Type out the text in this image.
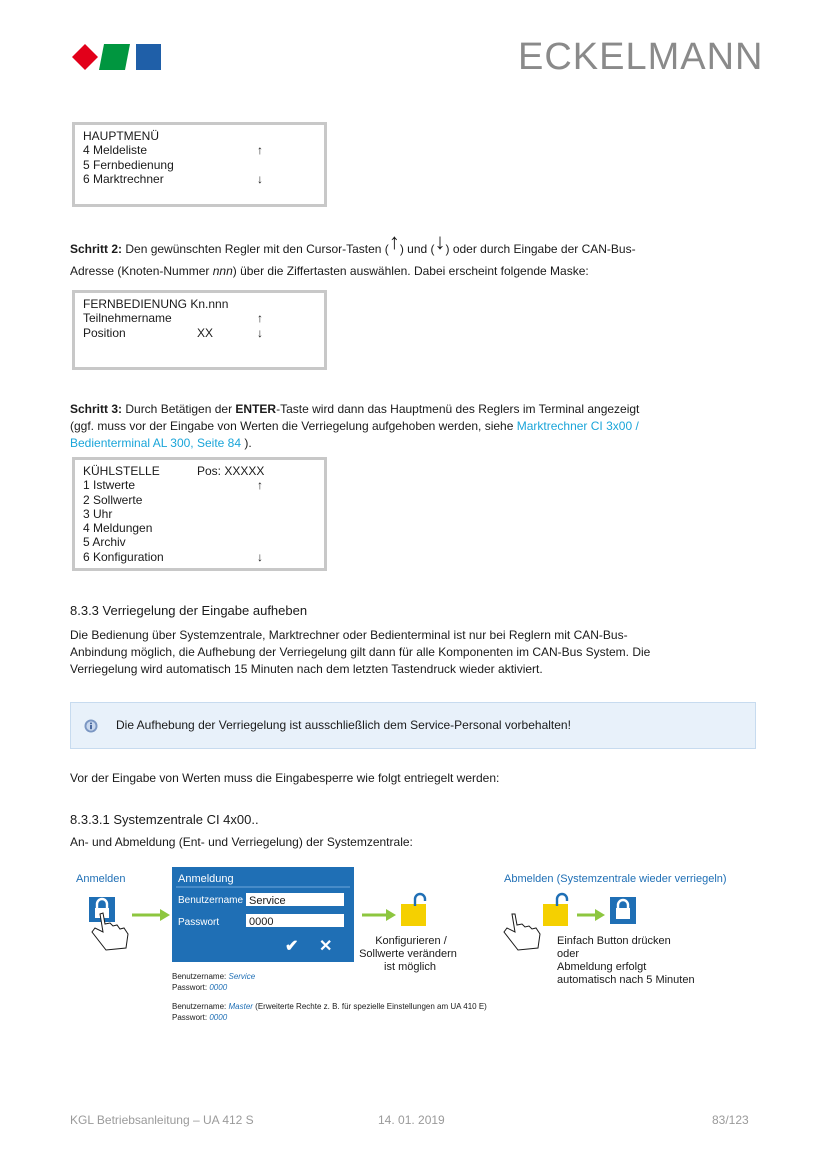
ECKELMANN
HAUPTMENÜ
4 Meldeliste	↑
5 Fernbedienung
6 Marktrechner	↓

Schritt 2: Den gewünschten Regler mit den Cursor-Tasten (↑) und (↓) oder durch Eingabe der CAN-Bus-

Adresse (Knoten-Nummer nnn) über die Ziffertasten auswählen. Dabei erscheint folgende Maske:

FERNBEDIENUNG Kn.nnn
Teilnehmername	↑
Position	XX	↓

Schritt 3: Durch Betätigen der ENTER-Taste wird dann das Hauptmenü des Reglers im Terminal angezeigt
(ggf. muss vor der Eingabe von Werten die Verriegelung aufgehoben werden, siehe Marktrechner CI 3x00 /
Bedienterminal AL 300, Seite 84 ).

KÜHLSTELLE	Pos: XXXXX
1 Istwerte	↑
2 Sollwerte
3 Uhr
4 Meldungen
5 Archiv
6 Konfiguration	↓
8.3.3 Verriegelung der Eingabe aufheben

Die Bedienung über Systemzentrale, Marktrechner oder Bedienterminal ist nur bei Reglern mit CAN-Bus-
Anbindung möglich, die Aufhebung der Verriegelung gilt dann für alle Komponenten im CAN-Bus System. Die
Verriegelung wird automatisch 15 Minuten nach dem letzten Tastendruck wieder aktiviert.

Die Aufhebung der Verriegelung ist ausschließlich dem Service-Personal vorbehalten!

Vor der Eingabe von Werten muss die Eingabesperre wie folgt entriegelt werden:

8.3.3.1 Systemzentrale CI 4x00..

An- und Abmeldung (Ent- und Verriegelung) der Systemzentrale:

Anmelden	Anmeldung
Benutzername Service
Passwort	0000
✔ ✕	Konfigurieren /
Sollwerte verändern
ist möglich
Benutzername: Service
Passwort: 0000
Benutzername: Master (Erweiterte Rechte z. B. für spezielle Einstellungen am UA 410 E)
Passwort: 0000
Abmelden (Systemzentrale wieder verriegeln)
Einfach Button drücken
oder
Abmeldung erfolgt
automatisch nach 5 Minuten
KGL Betriebsanleitung – UA 412 S	14. 01. 2019	83/123
